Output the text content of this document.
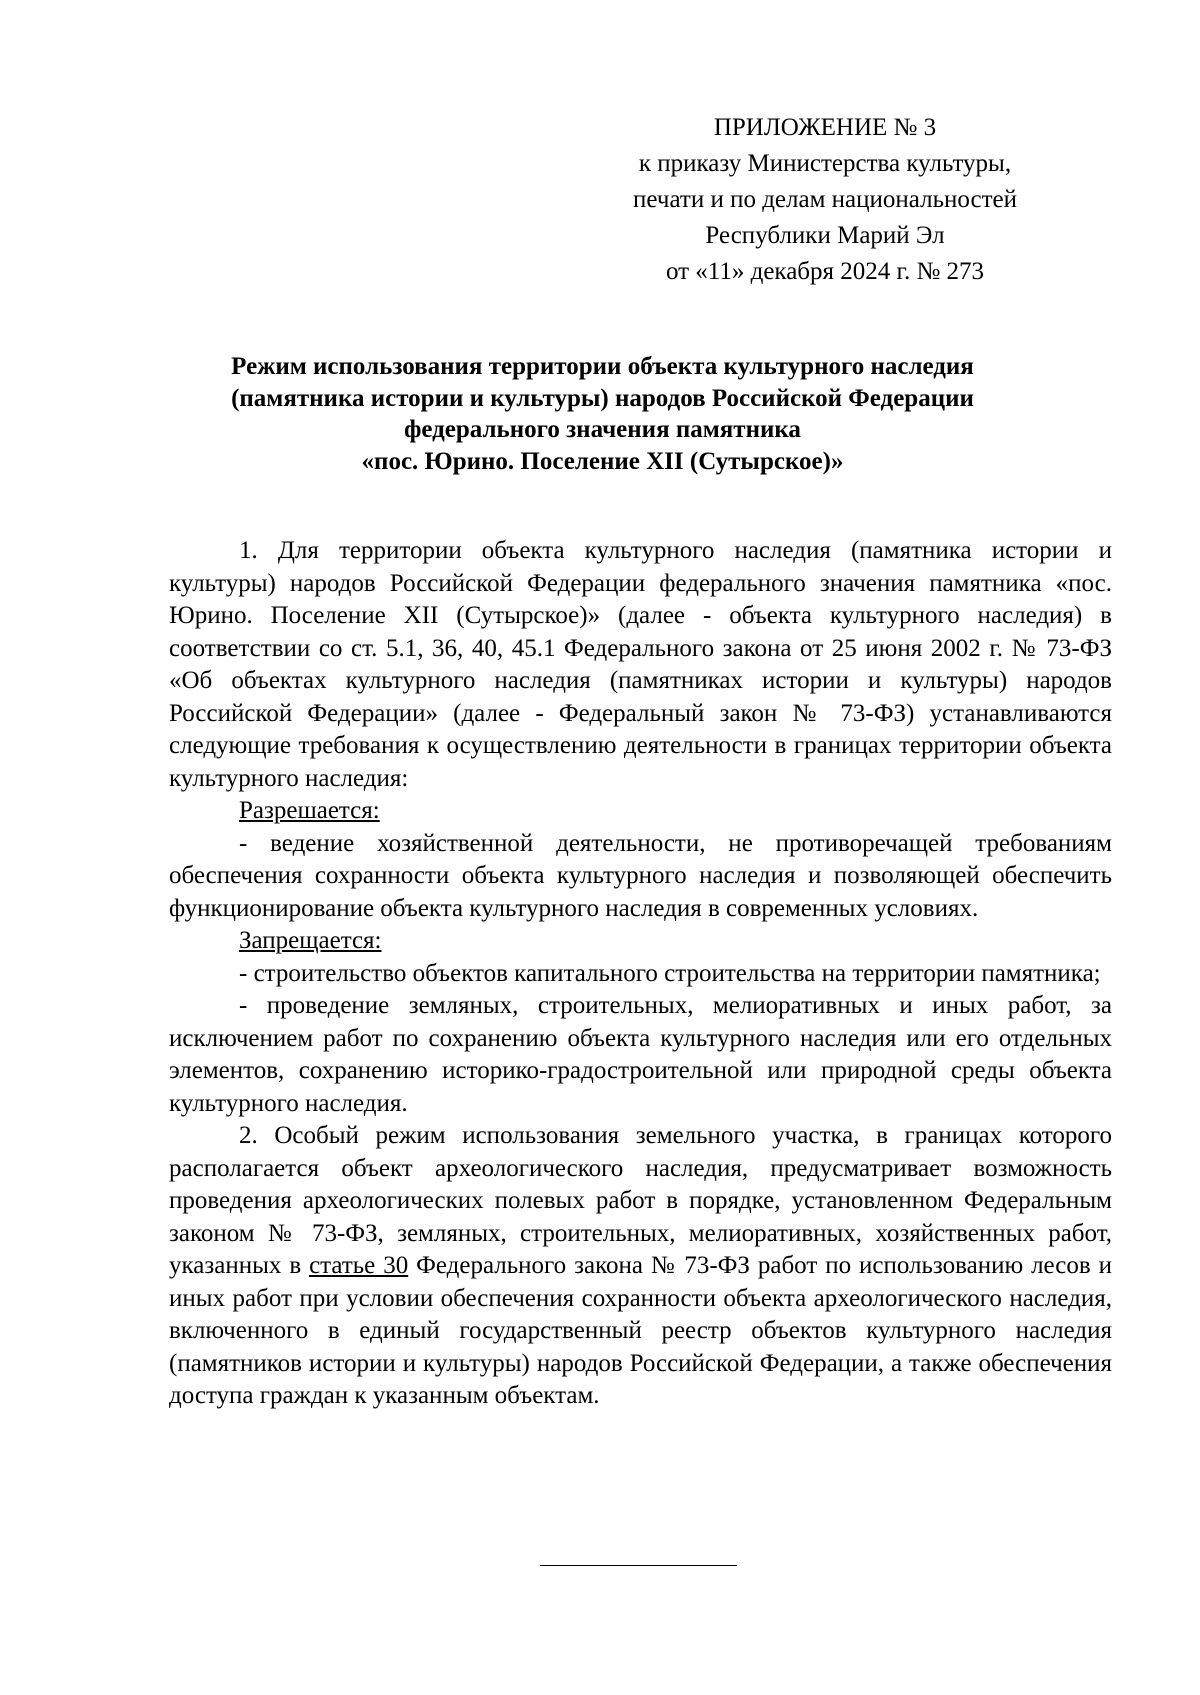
ПРИЛОЖЕНИЕ № 3
к приказу Министерства культуры,
печати и по делам национальностей
Республики Марий Эл
от «11» декабря 2024 г. № 273
Режим использования территории объекта культурного наследия
(памятника истории и культуры) народов Российской Федерации
федерального значения памятника
«пос. Юрино. Поселение XII (Сутырское)»

1. Для территории объекта культурного наследия (памятника истории и культуры) народов Российской Федерации федерального значения памятника «пос. Юрино. Поселение XII (Сутырское)» (далее - объекта культурного наследия) в соответствии со ст. 5.1, 36, 40, 45.1 Федерального закона от 25 июня 2002 г. № 73-ФЗ «Об объектах культурного наследия (памятниках истории и культуры) народов Российской Федерации» (далее - Федеральный закон № 73-ФЗ) устанавливаются следующие требования к осуществлению деятельности в границах территории объекта культурного наследия:

Разрешается:

- ведение хозяйственной деятельности, не противоречащей требованиям обеспечения сохранности объекта культурного наследия и позволяющей обеспечить функционирование объекта культурного наследия в современных условиях.

Запрещается:

- строительство объектов капитального строительства на территории памятника;

- проведение земляных, строительных, мелиоративных и иных работ, за исключением работ по сохранению объекта культурного наследия или его отдельных элементов, сохранению историко-градостроительной или природной среды объекта культурного наследия.

2. Особый режим использования земельного участка, в границах которого располагается объект археологического наследия, предусматривает возможность проведения археологических полевых работ в порядке, установленном Федеральным законом № 73-ФЗ, земляных, строительных, мелиоративных, хозяйственных работ, указанных в статье 30 Федерального закона № 73-ФЗ работ по использованию лесов и иных работ при условии обеспечения сохранности объекта археологического наследия, включенного в единый государственный реестр объектов культурного наследия (памятников истории и культуры) народов Российской Федерации, а также обеспечения доступа граждан к указанным объектам.
